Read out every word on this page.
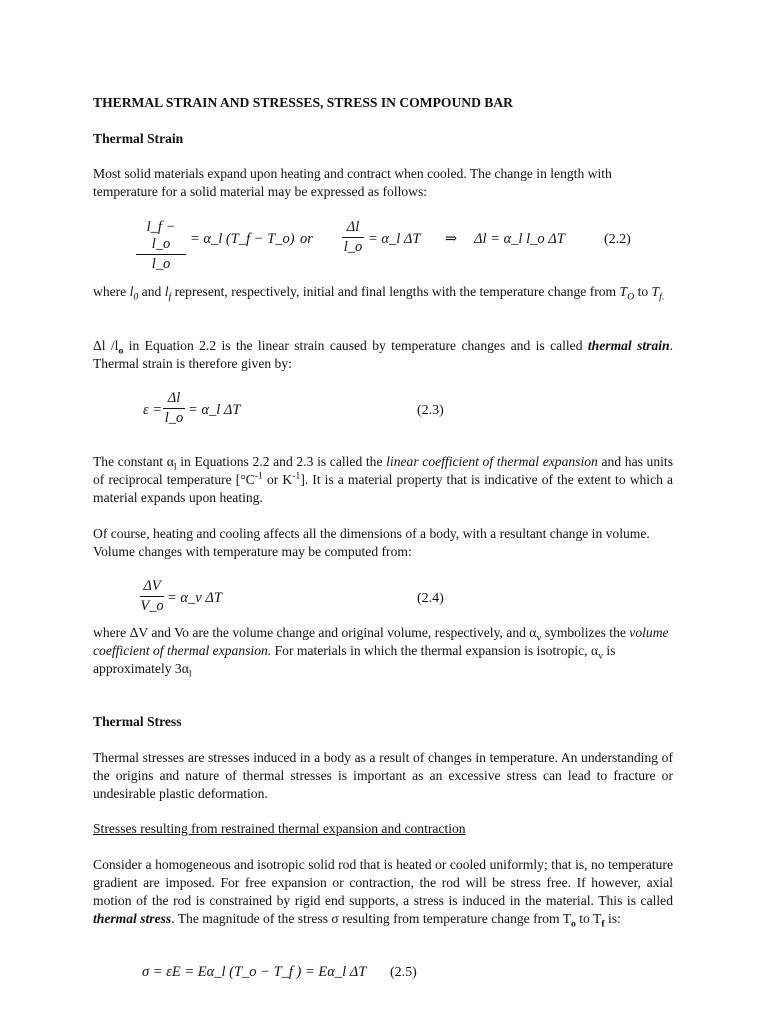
THERMAL STRAIN AND STRESSES, STRESS IN COMPOUND BAR

Thermal Strain

Most solid materials expand upon heating and contract when cooled. The change in length with temperature for a solid material may be expressed as follows:

$\frac{l\_f - l\_o}{l\_o}$ = α_l (T_f − T_o) or $\frac{\Delta l}{l\_o}$ = α_l ΔT ⇒ Δl = α_l l_o ΔT	(2.2)

where $l_0$ and $l_f$ represent, respectively, initial and final lengths with the temperature change from $T_O$ to $T_{f.}$

Δl $/l_o$ in Equation 2.2 is the linear strain caused by temperature changes and is called thermal strain. Thermal strain is therefore given by:

$\varepsilon = \frac{\Delta l}{l\_o}$ = α_l ΔT	(2.3)

The constant $\alpha_l$ in Equations 2.2 and 2.3 is called the linear coefficient of thermal expansion and has units of reciprocal temperature [$^\circ C^{-1}$ or $K^{-1}$]. It is a material property that is indicative of the extent to which a material expands upon heating.

Of course, heating and cooling affects all the dimensions of a body, with a resultant change in volume. Volume changes with temperature may be computed from:

$\frac{\Delta V}{V\_o}$ = α_v ΔT	(2.4)

where ΔV and Vo are the volume change and original volume, respectively, and $\alpha_v$ symbolizes the volume coefficient of thermal expansion. For materials in which the thermal expansion is isotropic, $\alpha_v$ is approximately $3\alpha_l$

Thermal Stress

Thermal stresses are stresses induced in a body as a result of changes in temperature. An understanding of the origins and nature of thermal stresses is important as an excessive stress can lead to fracture or undesirable plastic deformation.

Stresses resulting from restrained thermal expansion and contraction

Consider a homogeneous and isotropic solid rod that is heated or cooled uniformly; that is, no temperature gradient are imposed. For free expansion or contraction, the rod will be stress free. If however, axial motion of the rod is constrained by rigid end supports, a stress is induced in the material. This is called thermal stress. The magnitude of the stress σ resulting from temperature change from $T_o$ to $T_f$ is:

σ = εE = Eα_l (T_o − T_f ) = Eα_l ΔT (2.5)
